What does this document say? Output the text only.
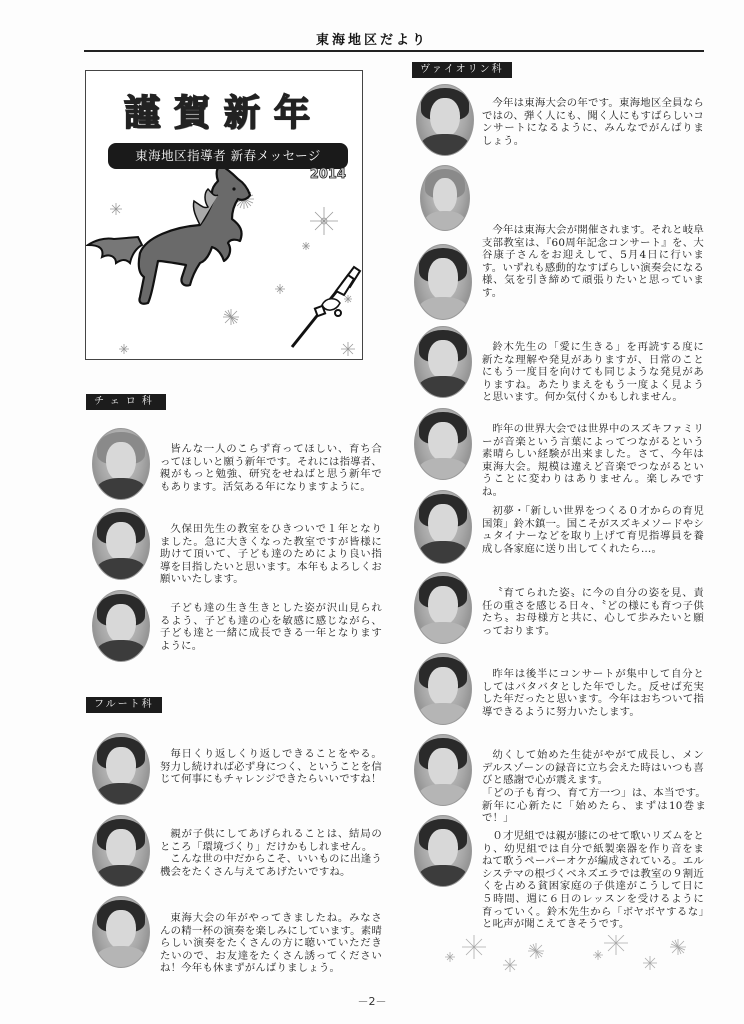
東海地区だより
謹賀新年
東海地区指導者 新春メッセージ
2014
ヴァイオリン科
今年は東海大会の年です。東海地区全員ならではの、弾く人にも、聞く人にもすばらしいコンサートになるように、みんなでがんばりましょう。
今年は東海大会が開催されます。それと岐阜支部教室は、『60周年記念コンサート』を、大谷康子さんをお迎えして、5月4日に行います。いずれも感動的なすばらしい演奏会になる様、気を引き締めて頑張りたいと思っています。
鈴木先生の「愛に生きる」を再読する度に新たな理解や発見がありますが、日常のことにもう一度目を向けても同じような発見がありますね。あたりまえをもう一度よく見ようと思います。何か気付くかもしれません。
昨年の世界大会では世界中のスズキファミリーが音楽という言葉によってつながるという素晴らしい経験が出来ました。さて、今年は東海大会。規模は違えど音楽でつながるということに変わりはありません。楽しみですね。
初夢・「新しい世界をつくる０才からの育児国策」鈴木鎮一。国こそがスズキメソードやシュタイナーなどを取り上げて育児指導員を養成し各家庭に送り出してくれたら…。
〝育てられた姿〟に今の自分の姿を見、責任の重さを感じる日々、〝どの様にも育つ子供たち〟お母様方と共に、心して歩みたいと願っております。
昨年は後半にコンサートが集中して自分としてはバタバタとした年でした。反せば充実した年だったと思います。今年はおちついて指導できるように努力いたします。
幼くして始めた生徒がやがて成長し、メンデルスゾーンの録音に立ち会えた時はいつも喜びと感謝で心が震えます。
「どの子も育つ、育て方一つ」は、本当です。新年に心新たに「始めたら、まずは10巻まで！」
０才児組では親が膝にのせて歌いリズムをとり、幼児組では自分で紙製楽器を作り音をまねて歌うペーパーオケが編成されている。エルシステマの根づくベネズエラでは教室の９割近くを占める貧困家庭の子供達がこうして日に５時間、週に６日のレッスンを受けるように育っていく。鈴木先生から「ボヤボヤするな」と叱声が聞こえてきそうです。
チェロ科
皆んな一人のこらず育ってほしい、育ち合ってほしいと願う新年です。それには指導者、親がもっと勉強、研究をせねばと思う新年でもあります。活気ある年になりますように。
久保田先生の教室をひきついで１年となりました。急に大きくなった教室ですが皆様に助けて頂いて、子ども達のためにより良い指導を目指したいと思います。本年もよろしくお願いいたします。
子ども達の生き生きとした姿が沢山見られるよう、子ども達の心を敏感に感じながら、子ども達と一緒に成長できる一年となりますように。
フルート科
毎日くり返しくり返しできることをやる。努力し続ければ必ず身につく、ということを信じて何事にもチャレンジできたらいいですね！
親が子供にしてあげられることは、結局のところ「環境づくり」だけかもしれません。
こんな世の中だからこそ、いいものに出逢う機会をたくさん与えてあげたいですね。
東海大会の年がやってきましたね。みなさんの精一杯の演奏を楽しみにしています。素晴らしい演奏をたくさんの方に聴いていただきたいので、お友達をたくさん誘ってくださいね！今年も休まずがんばりましょう。
－2－
